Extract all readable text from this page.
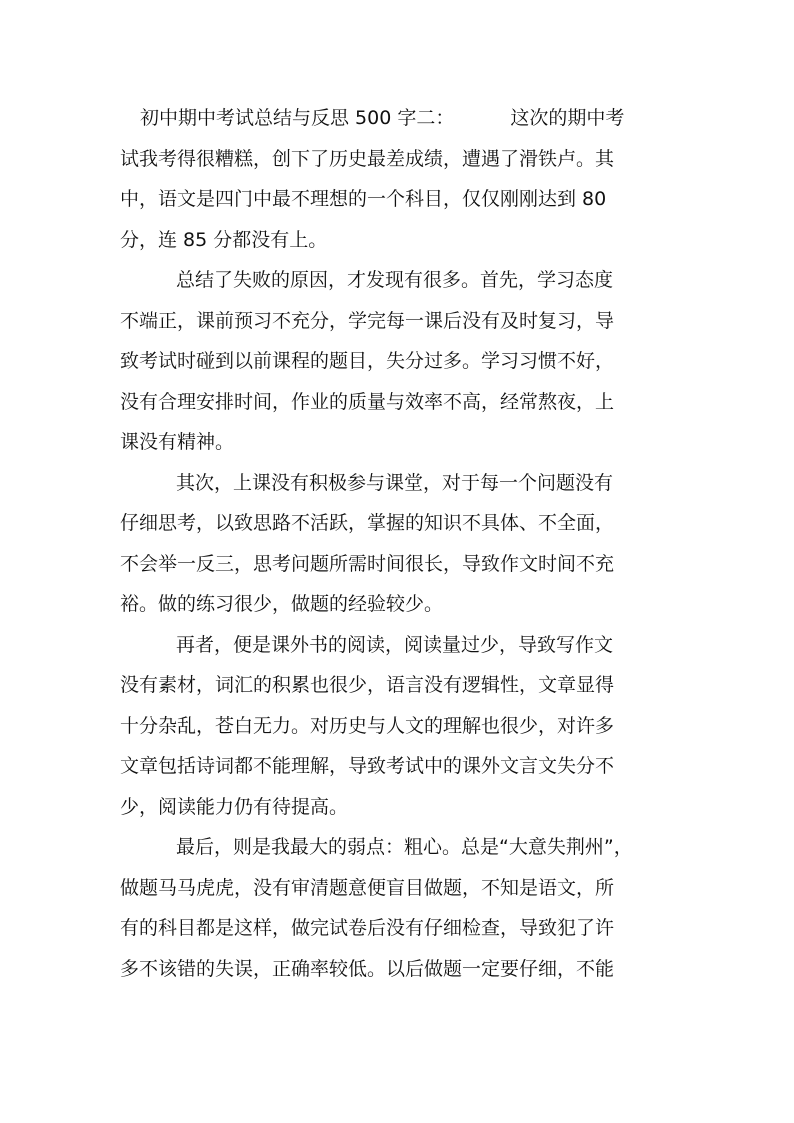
初中期中考试总结与反思 500 字二：	这次的期中考
试我考得很糟糕，创下了历史最差成绩，遭遇了滑铁卢。其
中，语文是四门中最不理想的一个科目，仅仅刚刚达到 80
分，连 85 分都没有上。
总结了失败的原因，才发现有很多。首先，学习态度
不端正，课前预习不充分，学完每一课后没有及时复习，导
致考试时碰到以前课程的题目，失分过多。学习习惯不好，
没有合理安排时间，作业的质量与效率不高，经常熬夜，上
课没有精神。
其次，上课没有积极参与课堂，对于每一个问题没有
仔细思考，以致思路不活跃，掌握的知识不具体、不全面，
不会举一反三，思考问题所需时间很长，导致作文时间不充
裕。做的练习很少，做题的经验较少。
再者，便是课外书的阅读，阅读量过少，导致写作文
没有素材，词汇的积累也很少，语言没有逻辑性，文章显得
十分杂乱，苍白无力。对历史与人文的理解也很少，对许多
文章包括诗词都不能理解，导致考试中的课外文言文失分不
少，阅读能力仍有待提高。
最后，则是我最大的弱点：粗心。总是“大意失荆州”，
做题马马虎虎，没有审清题意便盲目做题，不知是语文，所
有的科目都是这样，做完试卷后没有仔细检查，导致犯了许
多不该错的失误，正确率较低。以后做题一定要仔细，不能
